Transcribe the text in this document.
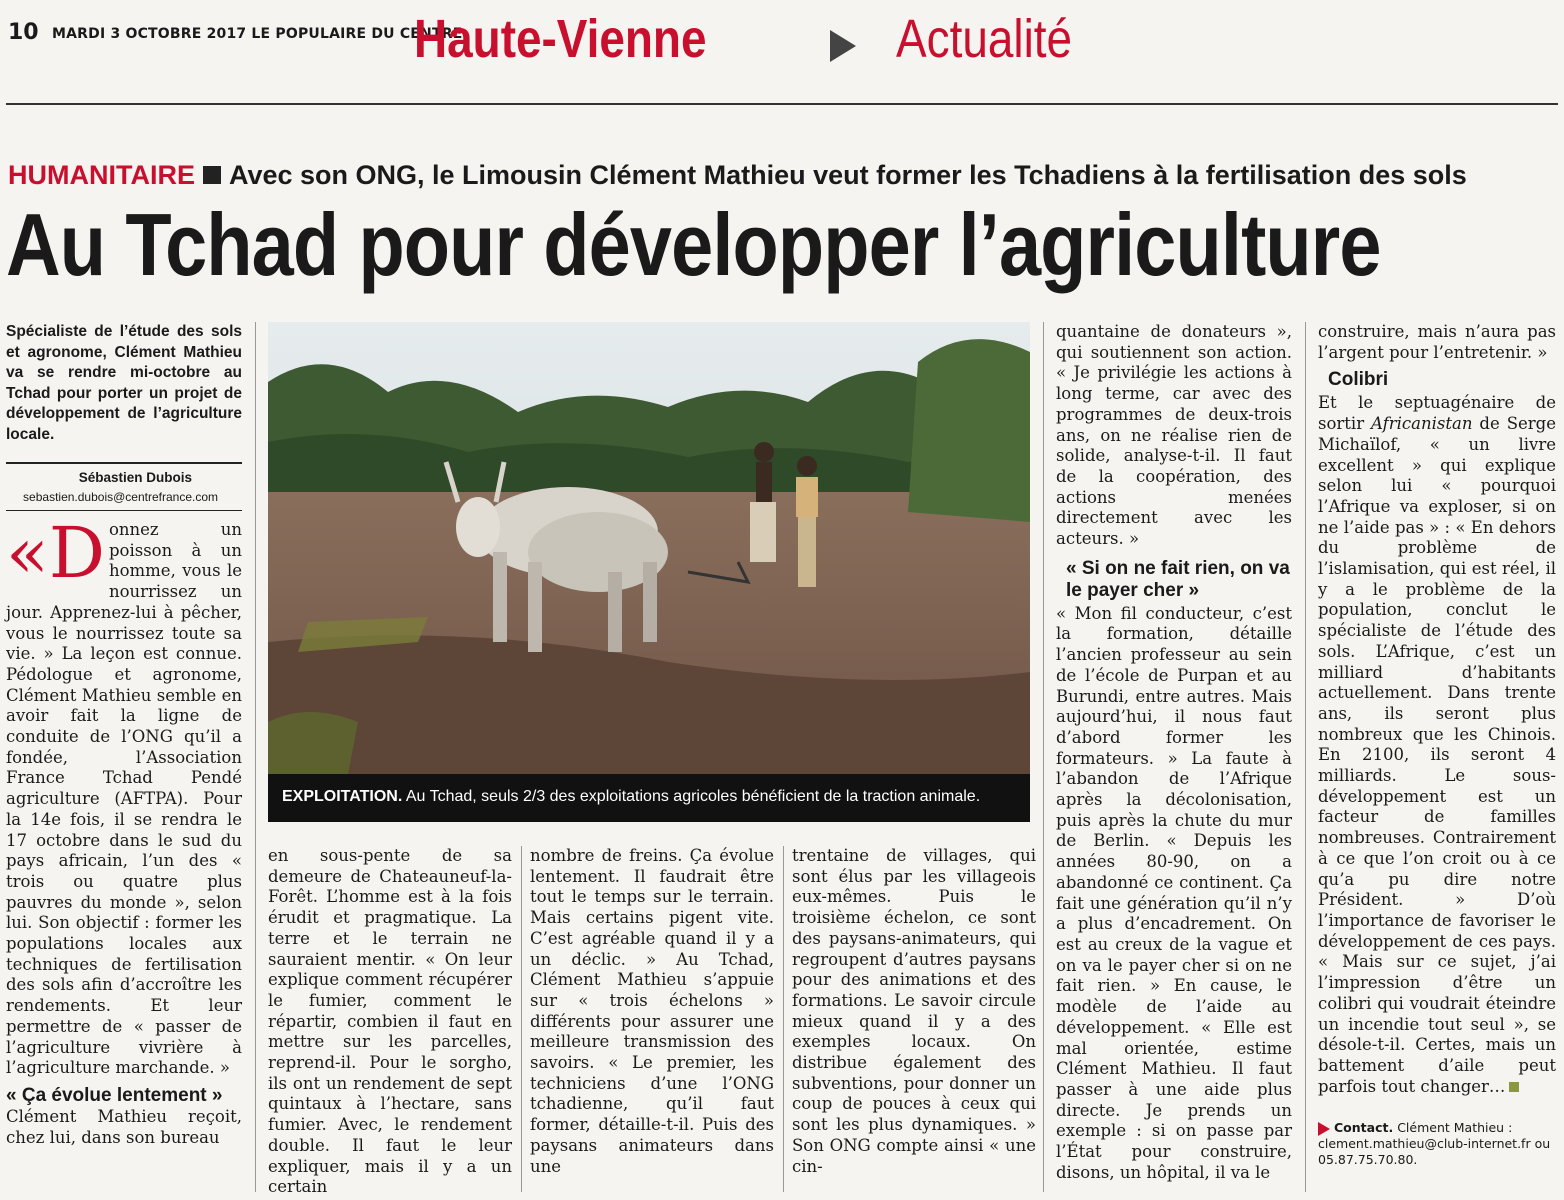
10 MARDI 3 OCTOBRE 2017 LE POPULAIRE DU CENTRE
Haute-Vienne	Actualité
HUMANITAIRE Avec son ONG, le Limousin Clément Mathieu veut former les Tchadiens à la fertilisation des sols
Au Tchad pour développer l’agriculture
Spécialiste de l’étude des sols et agronome, Clément Mathieu va se rendre mi-octobre au Tchad pour porter un projet de développement de l’agriculture locale.
Sébastien Dubois
sebastien.dubois@centrefrance.com
EXPLOITATION. Au Tchad, seuls 2/3 des exploitations agricoles bénéficient de la traction animale.

«Donnez un poisson à un homme, vous le nourrissez un jour. Apprenez-lui à pêcher, vous le nourrissez toute sa vie. » La leçon est connue. Pédologue et agronome, Clément Mathieu semble en avoir fait la ligne de conduite de l’ONG qu’il a fondée, l’Association France Tchad Pendé agriculture (AFTPA). Pour la 14e fois, il se rendra le 17 octobre dans le sud du pays africain, l’un des « trois ou quatre plus pauvres du monde », selon lui. Son objectif : former les populations locales aux techniques de fertilisation des sols afin d’accroître les rendements. Et leur permettre de « passer de l’agriculture vivrière à l’agriculture marchande. »

« Ça évolue lentement »

Clément Mathieu reçoit, chez lui, dans son bureau

en sous-pente de sa demeure de Chateauneuf-la-Forêt. L’homme est à la fois érudit et pragmatique. La terre et le terrain ne sauraient mentir. « On leur explique comment récupérer le fumier, comment le répartir, combien il faut en mettre sur les parcelles, reprend-il. Pour le sorgho, ils ont un rendement de sept quintaux à l’hectare, sans fumier. Avec, le rendement double. Il faut le leur expliquer, mais il y a un certain

nombre de freins. Ça évolue lentement. Il faudrait être tout le temps sur le terrain. Mais certains pigent vite. C’est agréable quand il y a un déclic. » Au Tchad, Clément Mathieu s’appuie sur « trois échelons » différents pour assurer une meilleure transmission des savoirs. « Le premier, les techniciens d’une l’ONG tchadienne, qu’il faut former, détaille-t-il. Puis des paysans animateurs dans une

trentaine de villages, qui sont élus par les villageois eux-mêmes. Puis le troisième échelon, ce sont des paysans-animateurs, qui regroupent d’autres paysans pour des animations et des formations. Le savoir circule mieux quand il y a des exemples locaux. On distribue également des subventions, pour donner un coup de pouces à ceux qui sont les plus dynamiques. » Son ONG compte ainsi « une cin-

quantaine de donateurs », qui soutiennent son action. « Je privilégie les actions à long terme, car avec des programmes de deux-trois ans, on ne réalise rien de solide, analyse-t-il. Il faut de la coopération, des actions menées directement avec les acteurs. »

« Si on ne fait rien, on va le payer cher »

« Mon fil conducteur, c’est la formation, détaille l’ancien professeur au sein de l’école de Purpan et au Burundi, entre autres. Mais aujourd’hui, il nous faut d’abord former les formateurs. » La faute à l’abandon de l’Afrique après la décolonisation, puis après la chute du mur de Berlin. « Depuis les années 80-90, on a abandonné ce continent. Ça fait une génération qu’il n’y a plus d’encadrement. On est au creux de la vague et on va le payer cher si on ne fait rien. » En cause, le modèle de l’aide au développement. « Elle est mal orientée, estime Clément Mathieu. Il faut passer à une aide plus directe. Je prends un exemple : si on passe par l’État pour construire, disons, un hôpital, il va le

construire, mais n’aura pas l’argent pour l’entretenir. »

Colibri

Et le septuagénaire de sortir Africanistan de Serge Michaïlof, « un livre excellent » qui explique selon lui « pourquoi l’Afrique va exploser, si on ne l’aide pas » : « En dehors du problème de l’islamisation, qui est réel, il y a le problème de la population, conclut le spécialiste de l’étude des sols. L’Afrique, c’est un milliard d’habitants actuellement. Dans trente ans, ils seront plus nombreux que les Chinois. En 2100, ils seront 4 milliards. Le sous-développement est un facteur de familles nombreuses. Contrairement à ce que l’on croit ou à ce qu’a pu dire notre Président. » D’où l’importance de favoriser le développement de ces pays. « Mais sur ce sujet, j’ai l’impression d’être un colibri qui voudrait éteindre un incendie tout seul », se désole-t-il. Certes, mais un battement d’aile peut parfois tout changer…

Contact. Clément Mathieu : clement.mathieu@club-internet.fr ou 05.87.75.70.80.
